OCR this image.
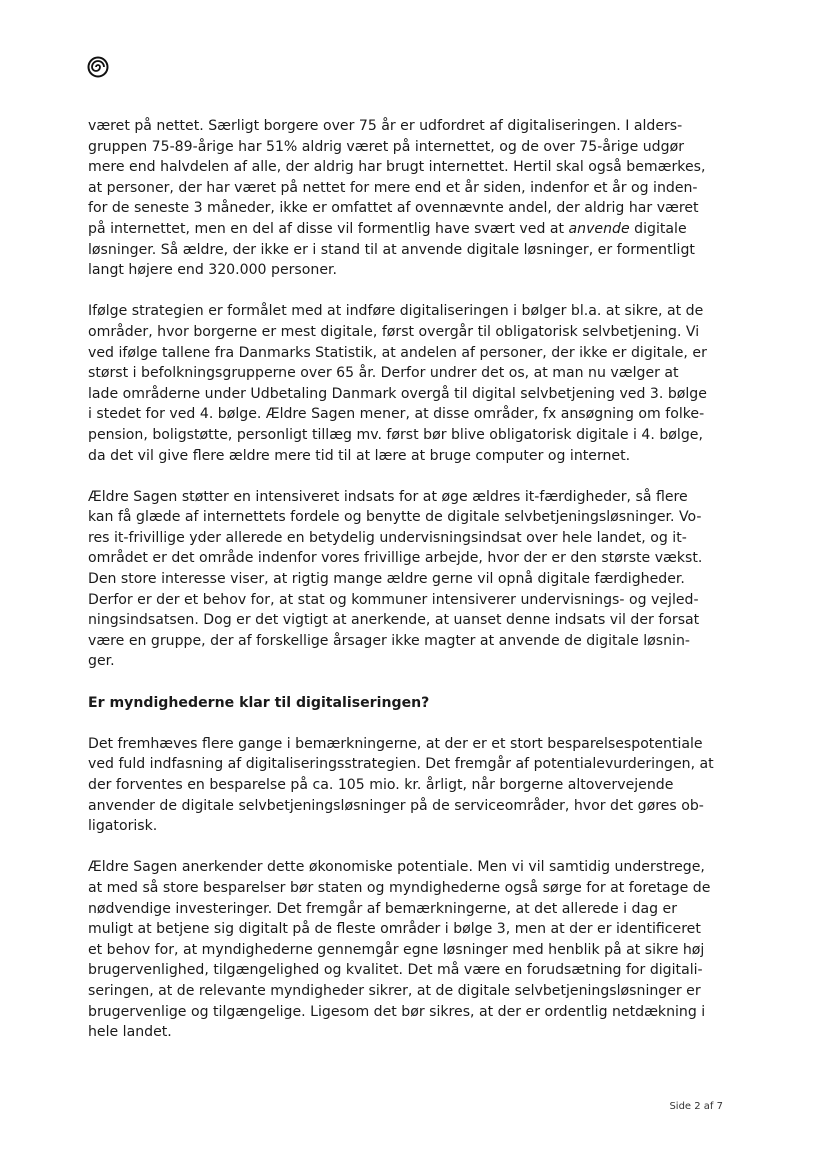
været på nettet. Særligt borgere over 75 år er udfordret af digitaliseringen. I alders-
gruppen 75-89-årige har 51% aldrig været på internettet, og de over 75-årige udgør
mere end halvdelen af alle, der aldrig har brugt internettet. Hertil skal også bemærkes,
at personer, der har været på nettet for mere end et år siden, indenfor et år og inden-
for de seneste 3 måneder, ikke er omfattet af ovennævnte andel, der aldrig har været
på internettet, men en del af disse vil formentlig have svært ved at anvende digitale
løsninger. Så ældre, der ikke er i stand til at anvende digitale løsninger, er formentligt
langt højere end 320.000 personer.
Ifølge strategien er formålet med at indføre digitaliseringen i bølger bl.a. at sikre, at de
områder, hvor borgerne er mest digitale, først overgår til obligatorisk selvbetjening. Vi
ved ifølge tallene fra Danmarks Statistik, at andelen af personer, der ikke er digitale, er
størst i befolkningsgrupperne over 65 år. Derfor undrer det os, at man nu vælger at
lade områderne under Udbetaling Danmark overgå til digital selvbetjening ved 3. bølge
i stedet for ved 4. bølge. Ældre Sagen mener, at disse områder, fx ansøgning om folke-
pension, boligstøtte, personligt tillæg mv. først bør blive obligatorisk digitale i 4. bølge,
da det vil give flere ældre mere tid til at lære at bruge computer og internet.
Ældre Sagen støtter en intensiveret indsats for at øge ældres it-færdigheder, så flere
kan få glæde af internettets fordele og benytte de digitale selvbetjeningsløsninger. Vo-
res it-frivillige yder allerede en betydelig undervisningsindsat over hele landet, og it-
området er det område indenfor vores frivillige arbejde, hvor der er den største vækst.
Den store interesse viser, at rigtig mange ældre gerne vil opnå digitale færdigheder.
Derfor er der et behov for, at stat og kommuner intensiverer undervisnings- og vejled-
ningsindsatsen. Dog er det vigtigt at anerkende, at uanset denne indsats vil der forsat
være en gruppe, der af forskellige årsager ikke magter at anvende de digitale løsnin-
ger.
Er myndighederne klar til digitaliseringen?
Det fremhæves flere gange i bemærkningerne, at der er et stort besparelsespotentiale
ved fuld indfasning af digitaliseringsstrategien. Det fremgår af potentialevurderingen, at
der forventes en besparelse på ca. 105 mio. kr. årligt, når borgerne altovervejende
anvender de digitale selvbetjeningsløsninger på de serviceområder, hvor det gøres ob-
ligatorisk.
Ældre Sagen anerkender dette økonomiske potentiale. Men vi vil samtidig understrege,
at med så store besparelser bør staten og myndighederne også sørge for at foretage de
nødvendige investeringer. Det fremgår af bemærkningerne, at det allerede i dag er
muligt at betjene sig digitalt på de fleste områder i bølge 3, men at der er identificeret
et behov for, at myndighederne gennemgår egne løsninger med henblik på at sikre høj
brugervenlighed, tilgængelighed og kvalitet. Det må være en forudsætning for digitali-
seringen, at de relevante myndigheder sikrer, at de digitale selvbetjeningsløsninger er
brugervenlige og tilgængelige. Ligesom det bør sikres, at der er ordentlig netdækning i
hele landet.
Side 2 af 7
